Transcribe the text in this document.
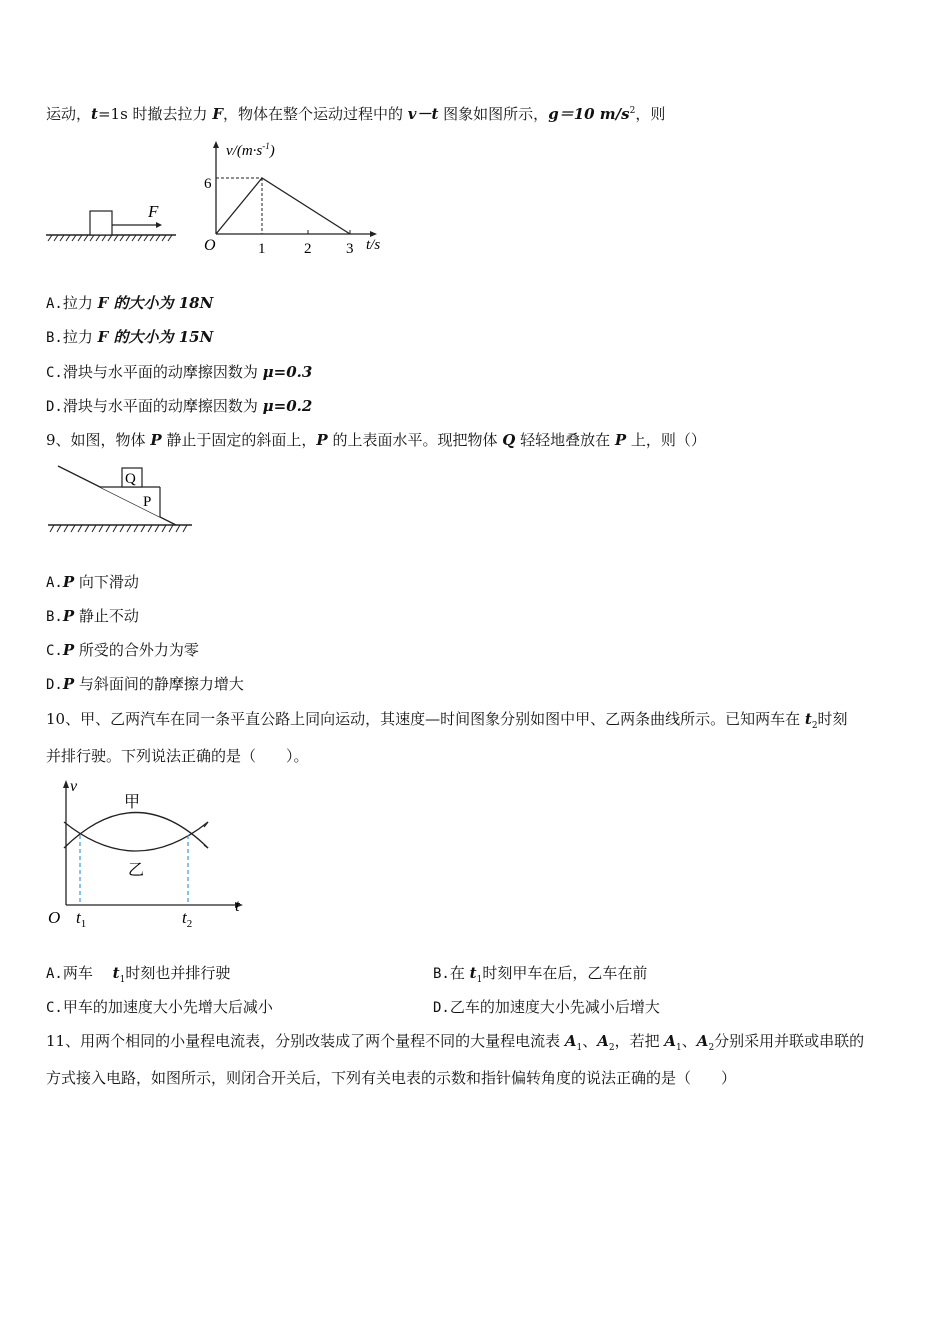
运动，t=1s 时撤去拉力 F，物体在整个运动过程中的 v－t 图象如图所示，g＝10 $m/s^2$，则
F
$v/(m\cdot s^{-1})$
6
O	1	2 3 t/s
A.拉力 F 的大小为 18N
B.拉力 F 的大小为 15N
C.滑块与水平面的动摩擦因数为 μ=0.3
D.滑块与水平面的动摩擦因数为 μ=0.2
9、如图，物体 P 静止于固定的斜面上，P 的上表面水平。现把物体 Q 轻轻地叠放在 P 上，则（）
Q
P
A.P 向下滑动
B.P 静止不动
C.P 所受的合外力为零
D.P 与斜面间的静摩擦力增大
10、甲、乙两汽车在同一条平直公路上同向运动，其速度—时间图象分别如图中甲、乙两条曲线所示。已知两车在 $t_2$时刻
并排行驶。下列说法正确的是（　　）。
v
t
O
甲
乙
$t_1$	$t_2$
A.两车　 $t_1$时刻也并排行驶	B.在 $t_1$时刻甲车在后，乙车在前
C.甲车的加速度大小先增大后减小	D.乙车的加速度大小先减小后增大
11、用两个相同的小量程电流表，分别改装成了两个量程不同的大量程电流表 $A_1$、$A_2$，若把 $A_1$、$A_2$分别采用并联或串联的
方式接入电路，如图所示，则闭合开关后，下列有关电表的示数和指针偏转角度的说法正确的是（　　）
